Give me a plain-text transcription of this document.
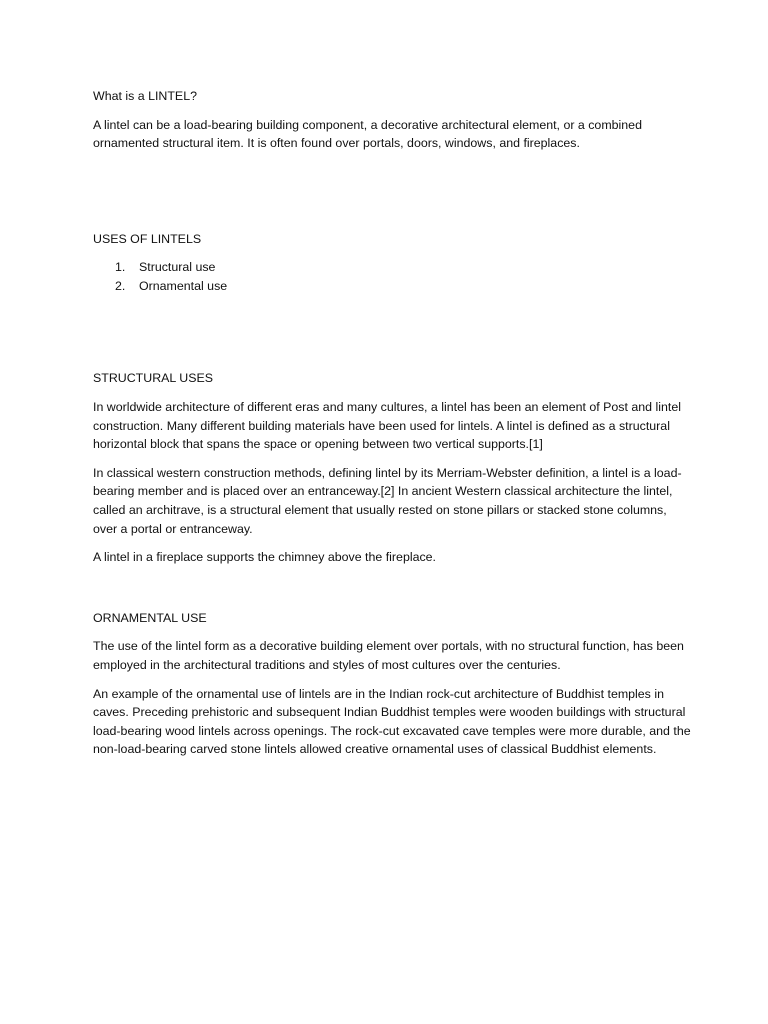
What is a LINTEL?

A lintel can be a load-bearing building component, a decorative architectural element, or a combined ornamented structural item. It is often found over portals, doors, windows, and fireplaces.

USES OF LINTELS

1. Structural use
2. Ornamental use

STRUCTURAL USES

In worldwide architecture of different eras and many cultures, a lintel has been an element of Post and lintel construction. Many different building materials have been used for lintels. A lintel is defined as a structural horizontal block that spans the space or opening between two vertical supports.[1]

In classical western construction methods, defining lintel by its Merriam-Webster definition, a lintel is a load-bearing member and is placed over an entranceway.[2] In ancient Western classical architecture the lintel, called an architrave, is a structural element that usually rested on stone pillars or stacked stone columns, over a portal or entranceway.

A lintel in a fireplace supports the chimney above the fireplace.

ORNAMENTAL USE

The use of the lintel form as a decorative building element over portals, with no structural function, has been employed in the architectural traditions and styles of most cultures over the centuries.

An example of the ornamental use of lintels are in the Indian rock-cut architecture of Buddhist temples in caves. Preceding prehistoric and subsequent Indian Buddhist temples were wooden buildings with structural load-bearing wood lintels across openings. The rock-cut excavated cave temples were more durable, and the non-load-bearing carved stone lintels allowed creative ornamental uses of classical Buddhist elements.
